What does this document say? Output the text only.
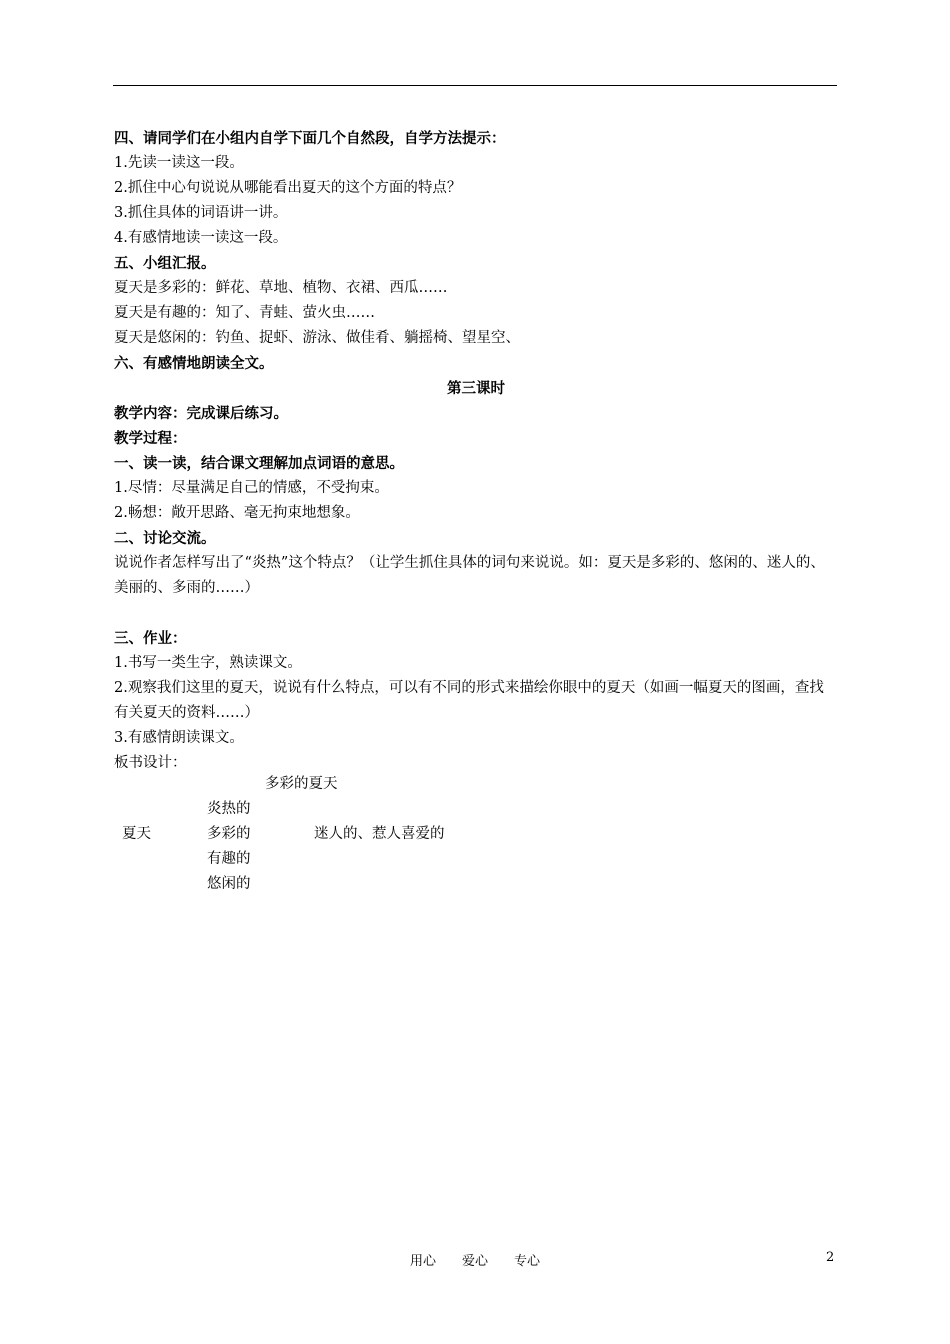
四、请同学们在小组内自学下面几个自然段，自学方法提示：
1.先读一读这一段。
2.抓住中心句说说从哪能看出夏天的这个方面的特点？
3.抓住具体的词语讲一讲。
4.有感情地读一读这一段。
五、小组汇报。
夏天是多彩的：鲜花、草地、植物、衣裙、西瓜……
夏天是有趣的：知了、青蛙、萤火虫……
夏天是悠闲的：钓鱼、捉虾、游泳、做佳肴、躺摇椅、望星空、
六、有感情地朗读全文。
第三课时
教学内容：完成课后练习。
教学过程：
一、读一读，结合课文理解加点词语的意思。
1.尽情：尽量满足自己的情感，不受拘束。
2.畅想：敞开思路、毫无拘束地想象。
二、讨论交流。
说说作者怎样写出了“炎热”这个特点？（让学生抓住具体的词句来说说。如：夏天是多彩的、悠闲的、迷人的、美丽的、多雨的……）
三、作业：
1.书写一类生字，熟读课文。
2.观察我们这里的夏天，说说有什么特点，可以有不同的形式来描绘你眼中的夏天（如画一幅夏天的图画，查找有关夏天的资料……）
3.有感情朗读课文。
板书设计：
多彩的夏天
炎热的
夏天	多彩的	迷人的、惹人喜爱的
有趣的
悠闲的
用心　　爱心　　专心	2
